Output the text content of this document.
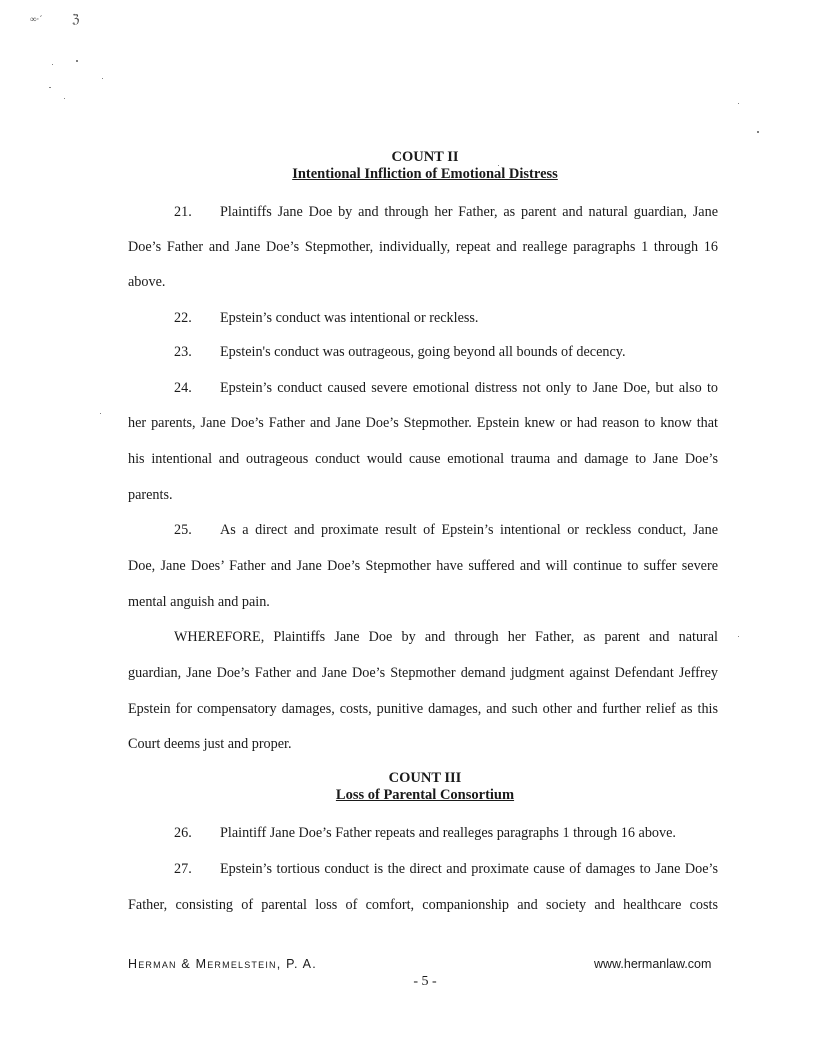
∞·ˊ ℨ
COUNT II
Intentional Infliction of Emotional Distress
21. Plaintiffs Jane Doe by and through her Father, as parent and natural guardian, Jane
Doe’s Father and Jane Doe’s Stepmother, individually, repeat and reallege paragraphs 1 through 16
above.
22. Epstein’s conduct was intentional or reckless.
23. Epstein's conduct was outrageous, going beyond all bounds of decency.
24. Epstein’s conduct caused severe emotional distress not only to Jane Doe, but also to
her parents, Jane Doe’s Father and Jane Doe’s Stepmother. Epstein knew or had reason to know that
his intentional and outrageous conduct would cause emotional trauma and damage to Jane Doe’s
parents.
25. As a direct and proximate result of Epstein’s intentional or reckless conduct, Jane
Doe, Jane Does’ Father and Jane Doe’s Stepmother have suffered and will continue to suffer severe
mental anguish and pain.
WHEREFORE, Plaintiffs Jane Doe by and through her Father, as parent and natural
guardian, Jane Doe’s Father and Jane Doe’s Stepmother demand judgment against Defendant Jeffrey
Epstein for compensatory damages, costs, punitive damages, and such other and further relief as this
Court deems just and proper.
COUNT III
Loss of Parental Consortium
26. Plaintiff Jane Doe’s Father repeats and realleges paragraphs 1 through 16 above.
27. Epstein’s tortious conduct is the direct and proximate cause of damages to Jane Doe’s
Father, consisting of parental loss of comfort, companionship and society and healthcare costs
Herman & Mermelstein, P. A.	www.hermanlaw.com
- 5 -
